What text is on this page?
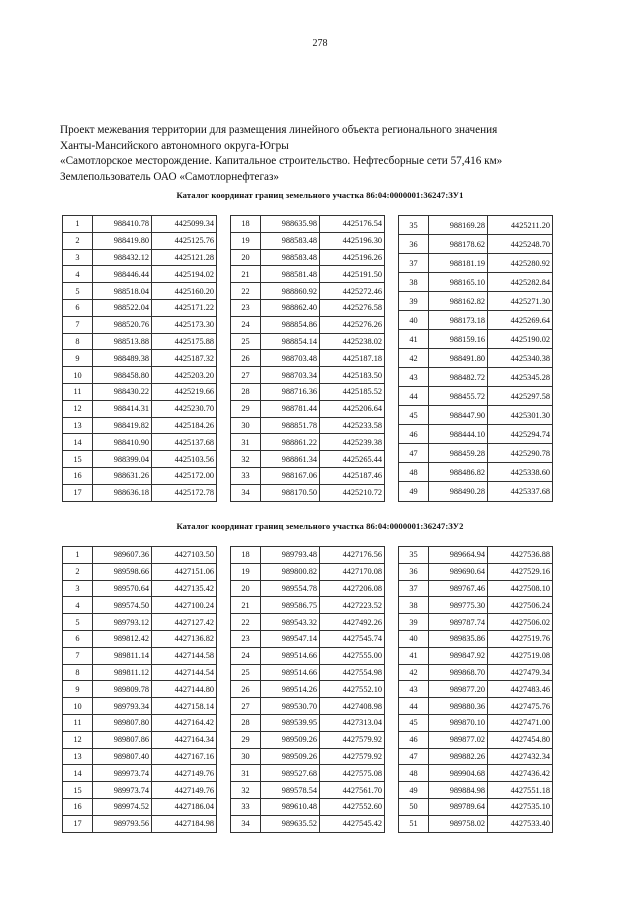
278
Проект межевания территории для размещения линейного объекта регионального значения
Ханты-Мансийского автономного округа-Югры
«Самотлорское месторождение. Капитальное строительство. Нефтесборные сети 57,416 км»
Землепользователь ОАО «Самотлорнефтегаз»
Каталог координат границ земельного участка 86:04:0000001:36247:ЗУ1
1	988410.78	4425099.34
2	988419.80	4425125.76
3	988432.12	4425121.28
4	988446.44	4425194.02
5	988518.04	4425160.20
6	988522.04	4425171.22
7	988520.76	4425173.30
8	988513.88	4425175.88
9	988489.38	4425187.32
10	988458.80	4425203.20
11	988430.22	4425219.66
12	988414.31	4425230.70
13	988419.82	4425184.26
14	988410.90	4425137.68
15	988399.04	4425103.56
16	988631.26	4425172.00
17	988636.18	4425172.78
18	988635.98	4425176.54
19	988583.48	4425196.30
20	988583.48	4425196.26
21	988581.48	4425191.50
22	988860.92	4425272.46
23	988862.40	4425276.58
24	988854.86	4425276.26
25	988854.14	4425238.02
26	988703.48	4425187.18
27	988703.34	4425183.50
28	988716.36	4425185.52
29	988781.44	4425206.64
30	988851.78	4425233.58
31	988861.22	4425239.38
32	988861.34	4425265.44
33	988167.06	4425187.46
34	988170.50	4425210.72
35	988169.28	4425211.20
36	988178.62	4425248.70
37	988181.19	4425280.92
38	988165.10	4425282.84
39	988162.82	4425271.30
40	988173.18	4425269.64
41	988159.16	4425190.02
42	988491.80	4425340.38
43	988482.72	4425345.28
44	988455.72	4425297.58
45	988447.90	4425301.30
46	988444.10	4425294.74
47	988459.28	4425290.78
48	988486.82	4425338.60
49	988490.28	4425337.68
Каталог координат границ земельного участка 86:04:0000001:36247:ЗУ2
1	989607.36	4427103.50
2	989598.66	4427151.06
3	989570.64	4427135.42
4	989574.50	4427100.24
5	989793.12	4427127.42
6	989812.42	4427136.82
7	989811.14	4427144.58
8	989811.12	4427144.54
9	989809.78	4427144.80
10	989793.34	4427158.14
11	989807.80	4427164.42
12	989807.86	4427164.34
13	989807.40	4427167.16
14	989973.74	4427149.76
15	989973.74	4427149.76
16	989974.52	4427186.04
17	989793.56	4427184.98
18	989793.48	4427176.56
19	989800.82	4427170.08
20	989554.78	4427206.08
21	989586.75	4427223.52
22	989543.32	4427492.26
23	989547.14	4427545.74
24	989514.66	4427555.00
25	989514.66	4427554.98
26	989514.26	4427552.10
27	989530.70	4427408.98
28	989539.95	4427313.04
29	989509.26	4427579.92
30	989509.26	4427579.92
31	989527.68	4427575.08
32	989578.54	4427561.70
33	989610.48	4427552.60
34	989635.52	4427545.42
35	989664.94	4427536.88
36	989690.64	4427529.16
37	989767.46	4427508.10
38	989775.30	4427506.24
39	989787.74	4427506.02
40	989835.86	4427519.76
41	989847.92	4427519.08
42	989868.70	4427479.34
43	989877.20	4427483.46
44	989880.36	4427475.76
45	989870.10	4427471.00
46	989877.02	4427454.80
47	989882.26	4427432.34
48	989904.68	4427436.42
49	989884.98	4427551.18
50	989789.64	4427535.10
51	989758.02	4427533.40
